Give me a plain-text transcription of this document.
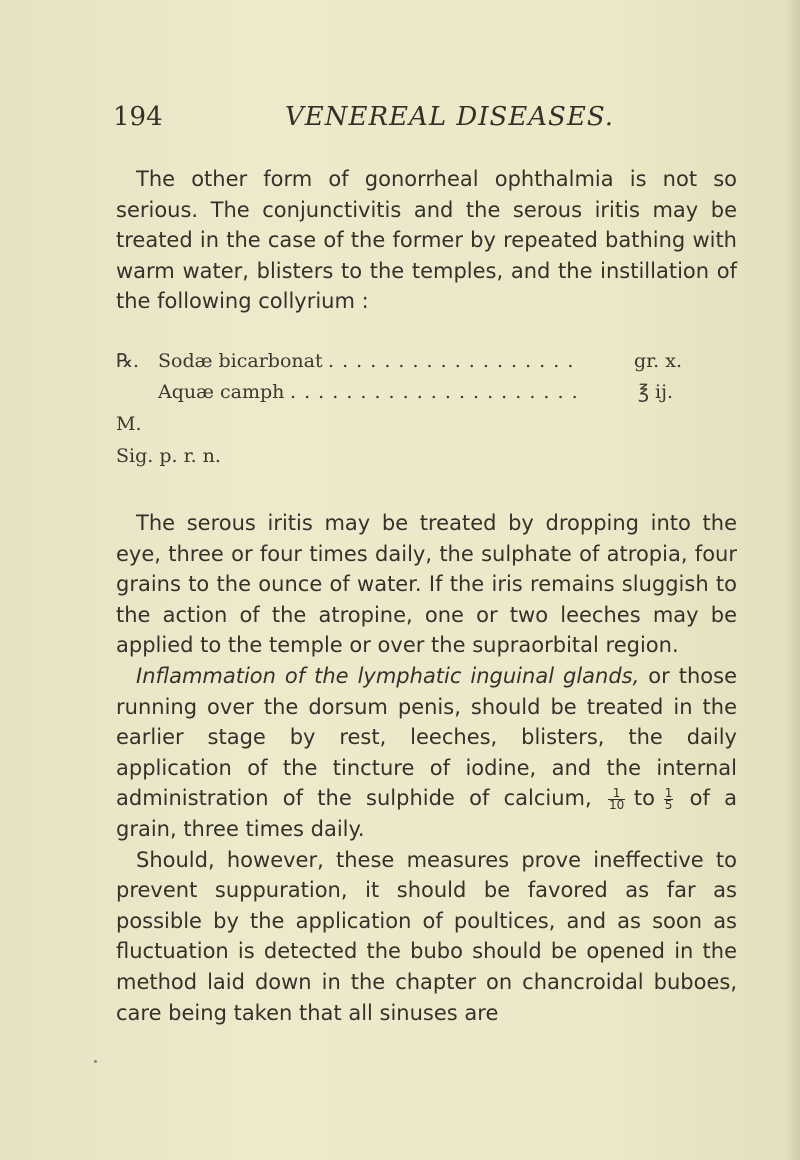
194	VENEREAL DISEASES.

The other form of gonorrheal ophthalmia is not so serious. The conjunctivitis and the serous iritis may be treated in the case of the former by repeated bathing with warm water, blisters to the temples, and the instillation of the following collyrium :

℞. Sodæ bicarbonat . . . . . . . . . . . . . . . . . .	gr. x.
Aquæ camph . . . . . . . . . . . . . . . . . . . . .	℥ ij.
M.
Sig. p. r. n.

The serous iritis may be treated by dropping into the eye, three or four times daily, the sulphate of atropia, four grains to the ounce of water. If the iris remains sluggish to the action of the atropine, one or two leeches may be applied to the temple or over the supraorbital region.

Inflammation of the lymphatic inguinal glands, or those running over the dorsum penis, should be treated in the earlier stage by rest, leeches, blisters, the daily application of the tincture of iodine, and the internal administration of the sulphide of calcium, $\frac{1}{10}$ to $\frac{1}{5}$ of a grain, three times daily.

Should, however, these measures prove ineffective to prevent suppuration, it should be favored as far as possible by the application of poultices, and as soon as fluctuation is detected the bubo should be opened in the method laid down in the chapter on chancroidal buboes, care being taken that all sinuses are
